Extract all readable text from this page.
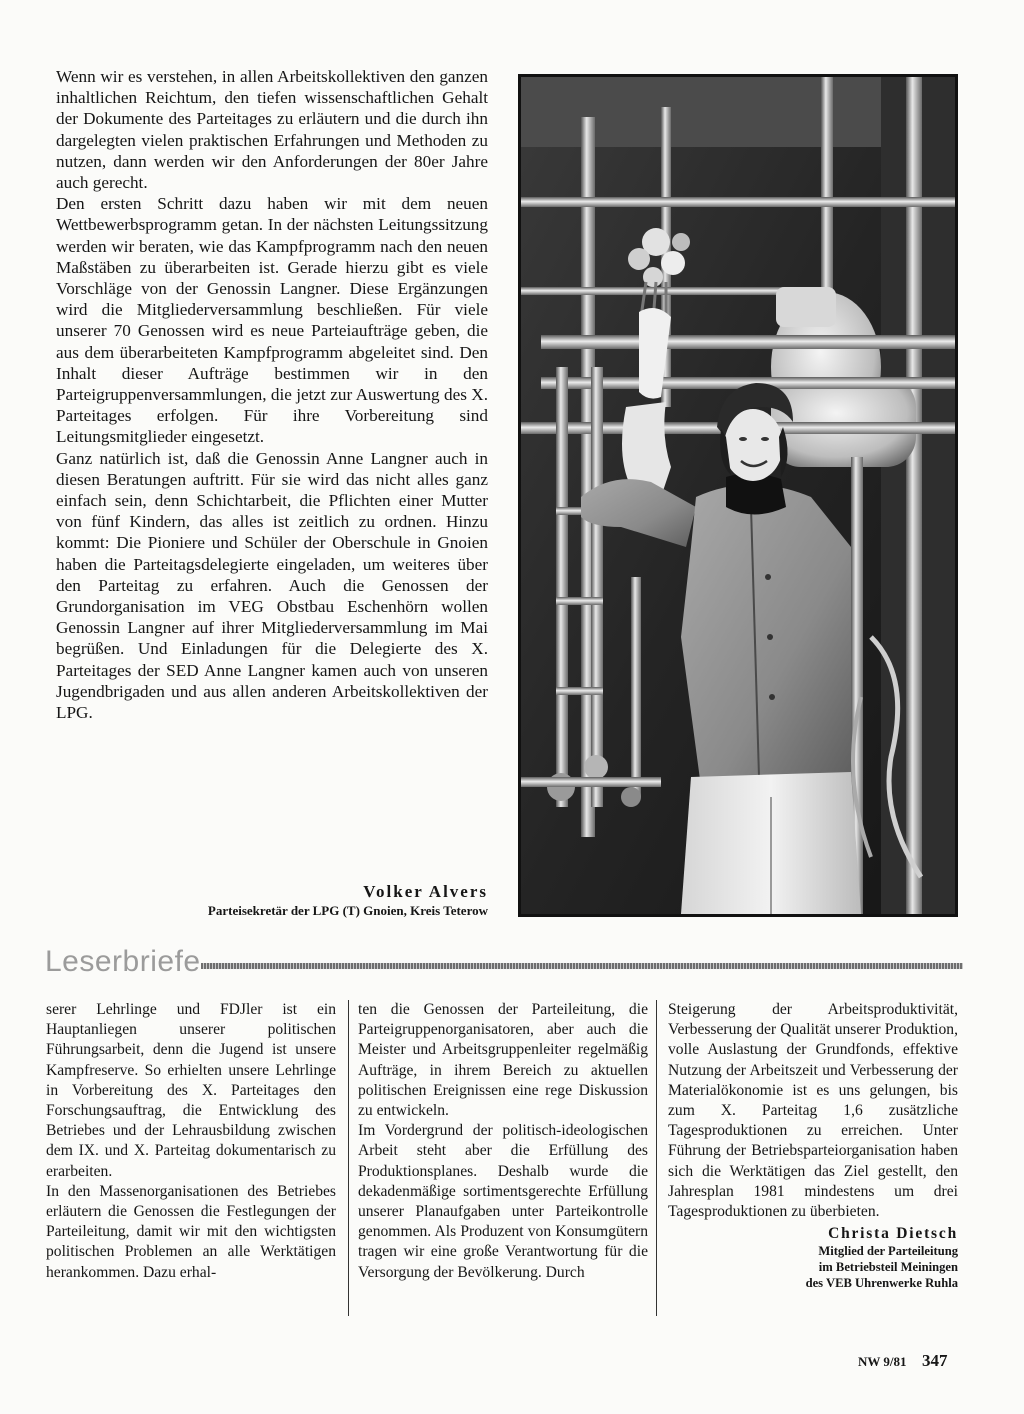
Wenn wir es verstehen, in allen Arbeitskollektiven den ganzen inhaltlichen Reichtum, den tiefen wissenschaftlichen Gehalt der Dokumente des Parteitages zu erläutern und die durch ihn dargelegten vielen praktischen Erfahrungen und Methoden zu nutzen, dann werden wir den Anforderungen der 80er Jahre auch gerecht.

Den ersten Schritt dazu haben wir mit dem neuen Wettbewerbsprogramm getan. In der nächsten Leitungssitzung werden wir beraten, wie das Kampfprogramm nach den neuen Maßstäben zu überarbeiten ist. Gerade hierzu gibt es viele Vorschläge von der Genossin Langner. Diese Ergänzungen wird die Mitgliederversammlung beschließen. Für viele unserer 70 Genossen wird es neue Parteiaufträge geben, die aus dem überarbeiteten Kampfprogramm abgeleitet sind. Den Inhalt dieser Aufträge bestimmen wir in den Parteigruppenversammlungen, die jetzt zur Auswertung des X. Parteitages erfolgen. Für ihre Vorbereitung sind Leitungsmitglieder eingesetzt.

Ganz natürlich ist, daß die Genossin Anne Langner auch in diesen Beratungen auftritt. Für sie wird das nicht alles ganz einfach sein, denn Schichtarbeit, die Pflichten einer Mutter von fünf Kindern, das alles ist zeitlich zu ordnen. Hinzu kommt: Die Pioniere und Schüler der Oberschule in Gnoien haben die Parteitagsdelegierte eingeladen, um weiteres über den Parteitag zu erfahren. Auch die Genossen der Grundorganisation im VEG Obstbau Eschenhörn wollen Genossin Langner auf ihrer Mitgliederversammlung im Mai begrüßen. Und Einladungen für die Delegierte des X. Parteitages der SED Anne Langner kamen auch von unseren Jugendbrigaden und aus allen anderen Arbeitskollektiven der LPG.

Volker Alvers
Parteisekretär der LPG (T) Gnoien, Kreis Teterow
Leserbriefe

serer Lehrlinge und FDJler ist ein Hauptanliegen unserer politischen Führungsarbeit, denn die Jugend ist unsere Kampfreserve. So erhielten unsere Lehrlinge in Vorbereitung des X. Parteitages den Forschungsauftrag, die Entwicklung des Betriebes und der Lehrausbildung zwischen dem IX. und X. Parteitag dokumentarisch zu erarbeiten.

In den Massenorganisationen des Betriebes erläutern die Genossen die Festlegungen der Parteileitung, damit wir mit den wichtigsten politischen Problemen an alle Werktätigen herankommen. Dazu erhal-

ten die Genossen der Parteileitung, die Parteigruppenorganisatoren, aber auch die Meister und Arbeitsgruppenleiter regelmäßig Aufträge, in ihrem Bereich zu aktuellen politischen Ereignissen eine rege Diskussion zu entwickeln.

Im Vordergrund der politisch-ideologischen Arbeit steht aber die Erfüllung des Produktionsplanes. Deshalb wurde die dekadenmäßige sortimentsgerechte Erfüllung unserer Planaufgaben unter Parteikontrolle genommen. Als Produzent von Konsumgütern tragen wir eine große Verantwortung für die Versorgung der Bevölkerung. Durch

Steigerung der Arbeitsproduktivität, Verbesserung der Qualität unserer Produktion, volle Auslastung der Grundfonds, effektive Nutzung der Arbeitszeit und Verbesserung der Materialökonomie ist es uns gelungen, bis zum X. Parteitag 1,6 zusätzliche Tagesproduktionen zu erreichen. Unter Führung der Betriebsparteiorganisation haben sich die Werktätigen das Ziel gestellt, den Jahresplan 1981 mindestens um drei Tagesproduktionen zu überbieten.

Christa Dietsch
Mitglied der Parteileitung
im Betriebsteil Meiningen
des VEB Uhrenwerke Ruhla
NW 9/81 347
